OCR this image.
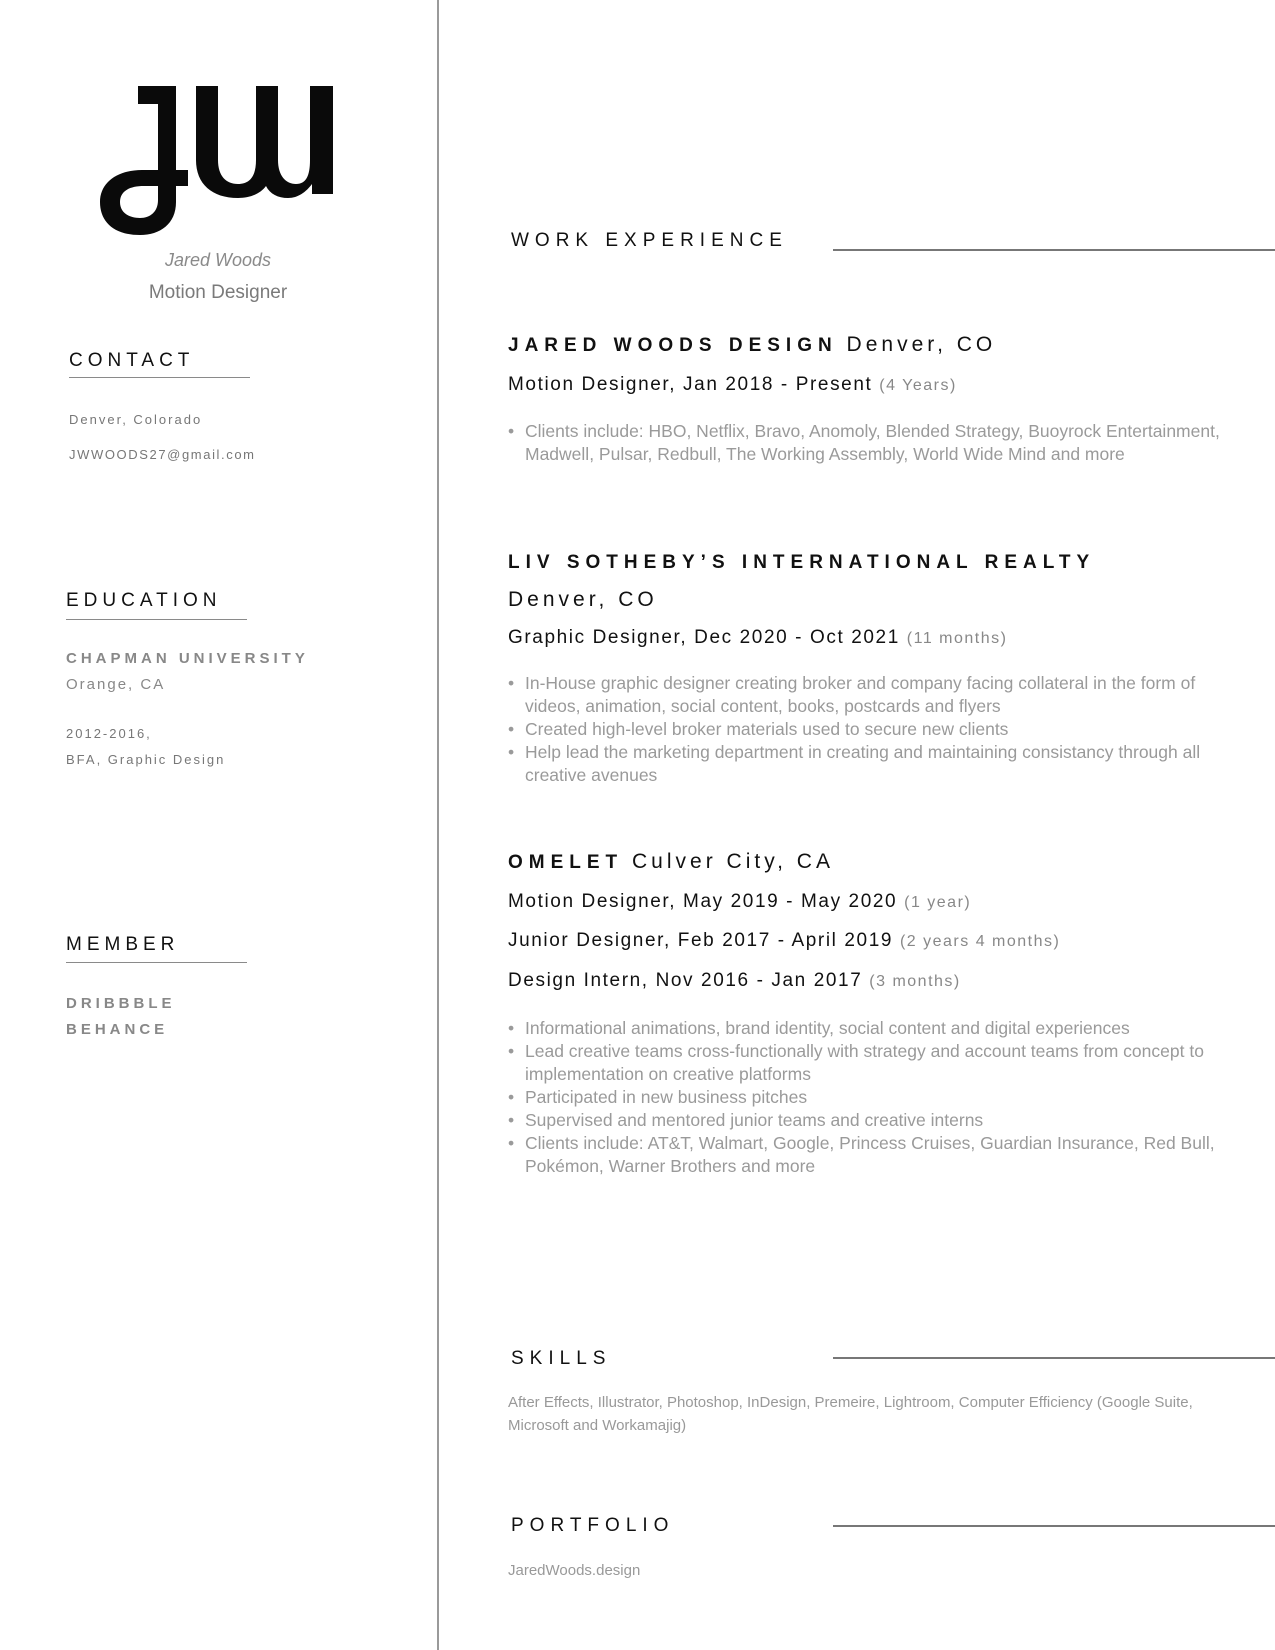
Jared Woods
Motion Designer
CONTACT
Denver, Colorado
JWWOODS27@gmail.com
EDUCATION
CHAPMAN UNIVERSITY
Orange, CA
2012-2016,
BFA, Graphic Design
MEMBER
DRIBBBLE
BEHANCE
WORK EXPERIENCE
JARED WOODS DESIGN Denver, CO
Motion Designer, Jan 2018 - Present (4 Years)
• Clients include: HBO, Netflix, Bravo, Anomoly, Blended Strategy, Buoyrock Entertainment, Madwell, Pulsar, Redbull, The Working Assembly, World Wide Mind and more
LIV SOTHEBY’S INTERNATIONAL REALTY
Denver, CO
Graphic Designer, Dec 2020 - Oct 2021 (11 months)
• In-House graphic designer creating broker and company facing collateral in the form of videos, animation, social content, books, postcards and flyers
• Created high-level broker materials used to secure new clients
• Help lead the marketing department in creating and maintaining consistancy through all creative avenues
OMELET Culver City, CA
Motion Designer, May 2019 - May 2020 (1 year)
Junior Designer, Feb 2017 - April 2019 (2 years 4 months)
Design Intern, Nov 2016 - Jan 2017 (3 months)
• Informational animations, brand identity, social content and digital experiences
• Lead creative teams cross-functionally with strategy and account teams from concept to implementation on creative platforms
• Participated in new business pitches
• Supervised and mentored junior teams and creative interns
• Clients include: AT&T, Walmart, Google, Princess Cruises, Guardian Insurance, Red Bull, Pokémon, Warner Brothers and more
SKILLS
After Effects, Illustrator, Photoshop, InDesign, Premeire, Lightroom, Computer Efficiency (Google Suite, Microsoft and Workamajig)
PORTFOLIO
JaredWoods.design
